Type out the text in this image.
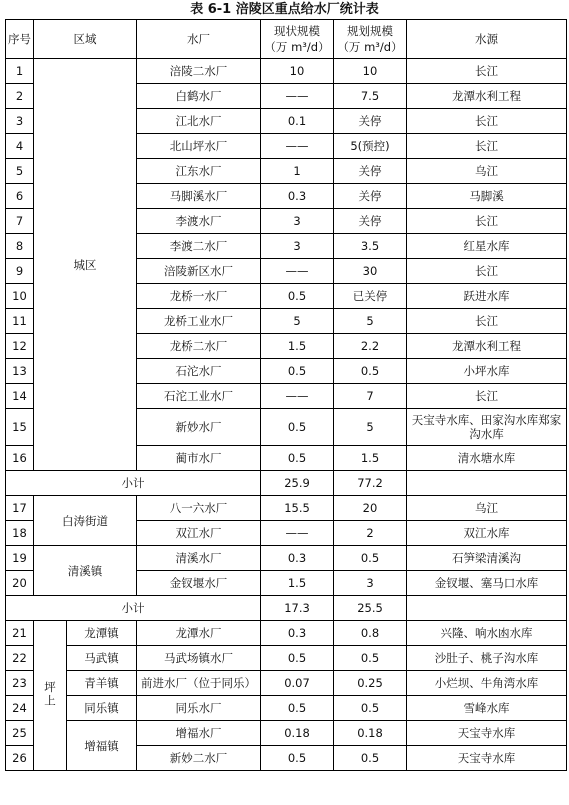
表 6-1 涪陵区重点给水厂统计表
序号	区域		水厂	现状规模（万 m³/d）	规划规模（万 m³/d）	水源
1	城区		涪陵二水厂	10	10	长江
2			白鹤水厂	——	7.5	龙潭水利工程
3			江北水厂	0.1	关停	长江
4			北山坪水厂	——	5(预控)	长江
5			江东水厂	1	关停	乌江
6			马脚溪水厂	0.3	关停	马脚溪
7			李渡水厂	3	关停	长江
8			李渡二水厂	3	3.5	红星水库
9			涪陵新区水厂	——	30	长江
10			龙桥一水厂	0.5	已关停	跃进水库
11			龙桥工业水厂	5	5	长江
12			龙桥二水厂	1.5	2.2	龙潭水利工程
13			石沱水厂	0.5	0.5	小坪水库
14			石沱工业水厂	——	7	长江
15			新妙水厂	0.5	5	天宝寺水库、田家沟水库郑家沟水库
16			蔺市水厂	0.5	1.5	清水塘水库
小计				25.9	77.2	
17	白涛街道		八一六水厂	15.5	20	乌江
18			双江水厂	——	2	双江水库
19	清溪镇		清溪水厂	0.3	0.5	石笋梁清溪沟
20			金钗堰水厂	1.5	3	金钗堰、塞马口水库
小计				17.3	25.5	
21	坪上	龙潭镇	龙潭水厂	0.3	0.8	兴隆、响水凼水库
22		马武镇	马武场镇水厂	0.5	0.5	沙肚子、桃子沟水库
23		青羊镇	前进水厂（位于同乐）	0.07	0.25	小烂坝、牛角湾水库
24		同乐镇	同乐水厂	0.5	0.5	雪峰水库
25		增福镇	增福水厂	0.18	0.18	天宝寺水库
26			新妙二水厂	0.5	0.5	天宝寺水库
